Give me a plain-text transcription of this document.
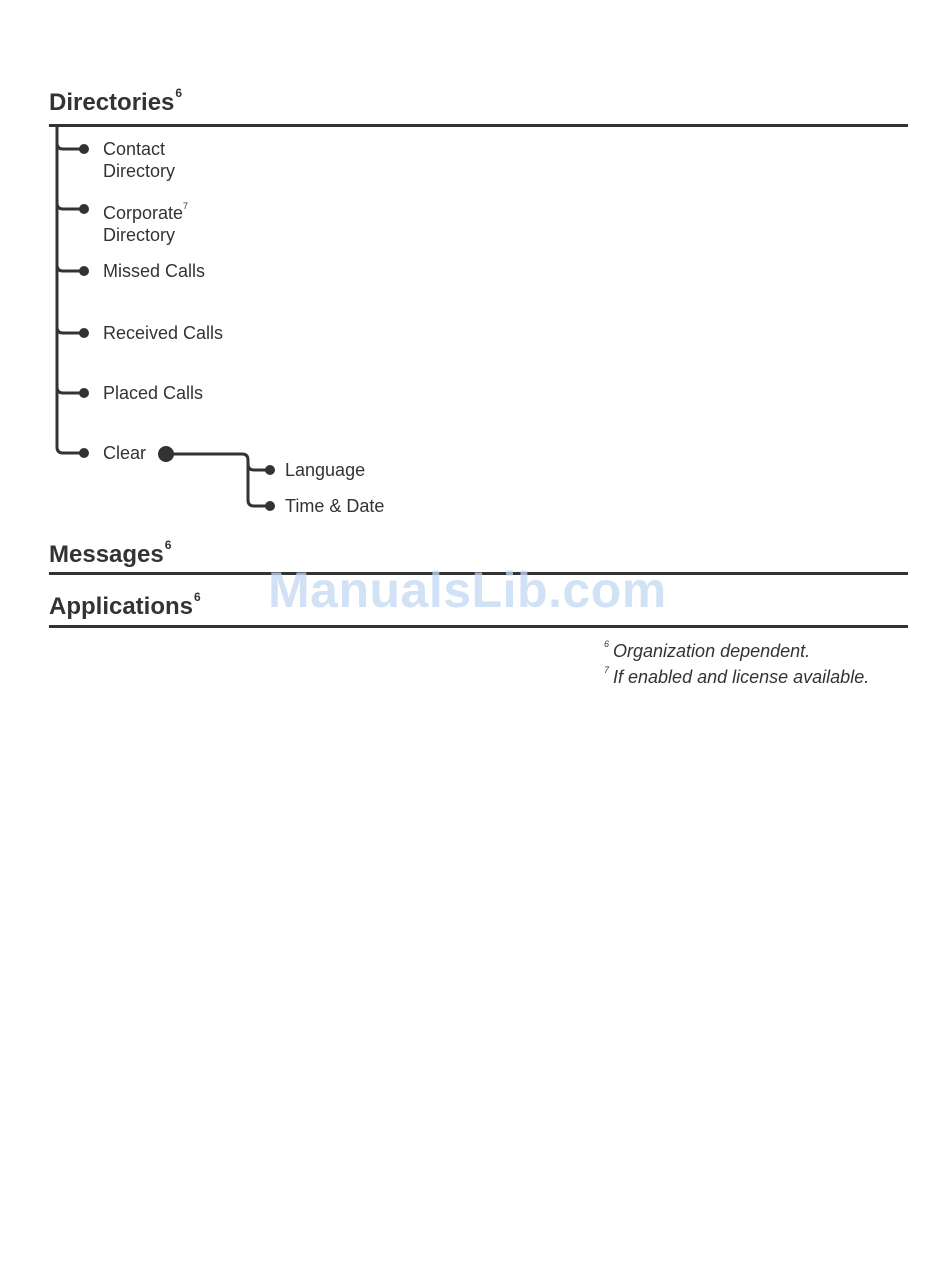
Directories$^6$
Contact
Directory
Corporate$^7$
Directory
Missed Calls
Received Calls
Placed Calls
Clear
Language
Time & Date
Messages$^6$
Applications$^6$ ManualsLib.com
$^6$ Organization dependent.
$^7$ If enabled and license available.
